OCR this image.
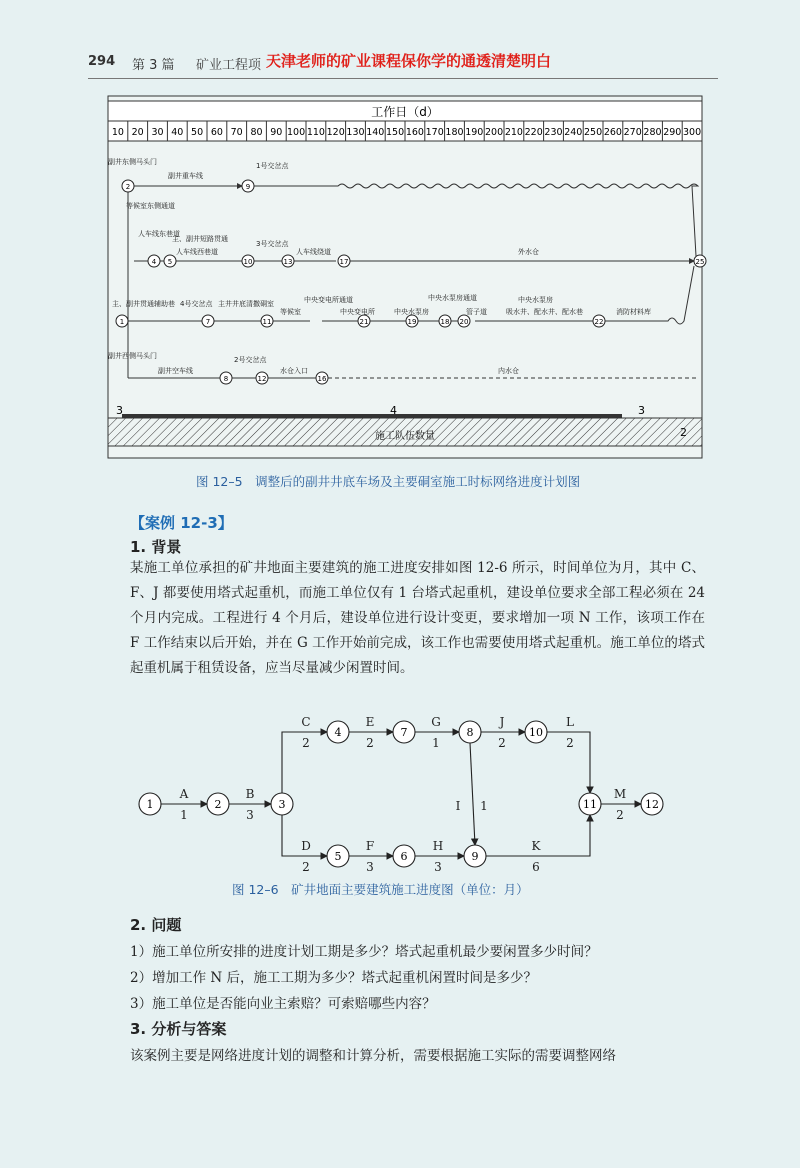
294 第 3 篇 矿业工程项 天津老师的矿业课程保你学的通透清楚明白
工作日（d）
10 20 30 40 50 60 70 80 90 100 110 120 130 140 150 160 170 180 190 200 210 220 230 240 250 260 270 280 290 300
3	4	3
2
施工队伍数量
1
2
4 5
7
8
9
10
11
12
13
16
17
18
19	20
21	22
25
副井东侧马头门
副井重车线
1号交岔点
等候室东侧通道
人车线东巷道
主、副井短路贯通
人车线西巷道
3号交岔点
人车线绕道	外水仓
主、副井贯通辅助巷 4号交岔点 主井井底清撒硐室
等候室
中央变电所通道
中央变电所	中央水泵房
中央水泵房通道
管子道	吸水井、配水井、配水巷
中央水泵房
消防材料库
副井西侧马头门
副井空车线
2号交岔点
水仓入口	内水仓
图 12–5　调整后的副井井底车场及主要硐室施工时标网络进度计划图
【案例 12-3】
1. 背景
某施工单位承担的矿井地面主要建筑的施工进度安排如图 12-6 所示，时间单位为月，其中 C、F、J 都要使用塔式起重机，而施工单位仅有 1 台塔式起重机，建设单位要求全部工程必须在 24 个月内完成。工程进行 4 个月后，建设单位进行设计变更，要求增加一项 N 工作，该项工作在 F 工作结束以后开始，并在 G 工作开始前完成，该工作也需要使用塔式起重机。施工单位的塔式起重机属于租赁设备，应当尽量减少闲置时间。
1	2	3
4
5	6
7	8
9
10
11	12
A
1
B
3
C
2
D
2
E
2
F
3
G
1
H
3
I 1
J
2
K
6
L
2
M
2
图 12–6　矿井地面主要建筑施工进度图（单位：月）
2. 问题
1）施工单位所安排的进度计划工期是多少？塔式起重机最少要闲置多少时间？
2）增加工作 N 后，施工工期为多少？塔式起重机闲置时间是多少？
3）施工单位是否能向业主索赔？可索赔哪些内容？
3. 分析与答案
该案例主要是网络进度计划的调整和计算分析，需要根据施工实际的需要调整网络
